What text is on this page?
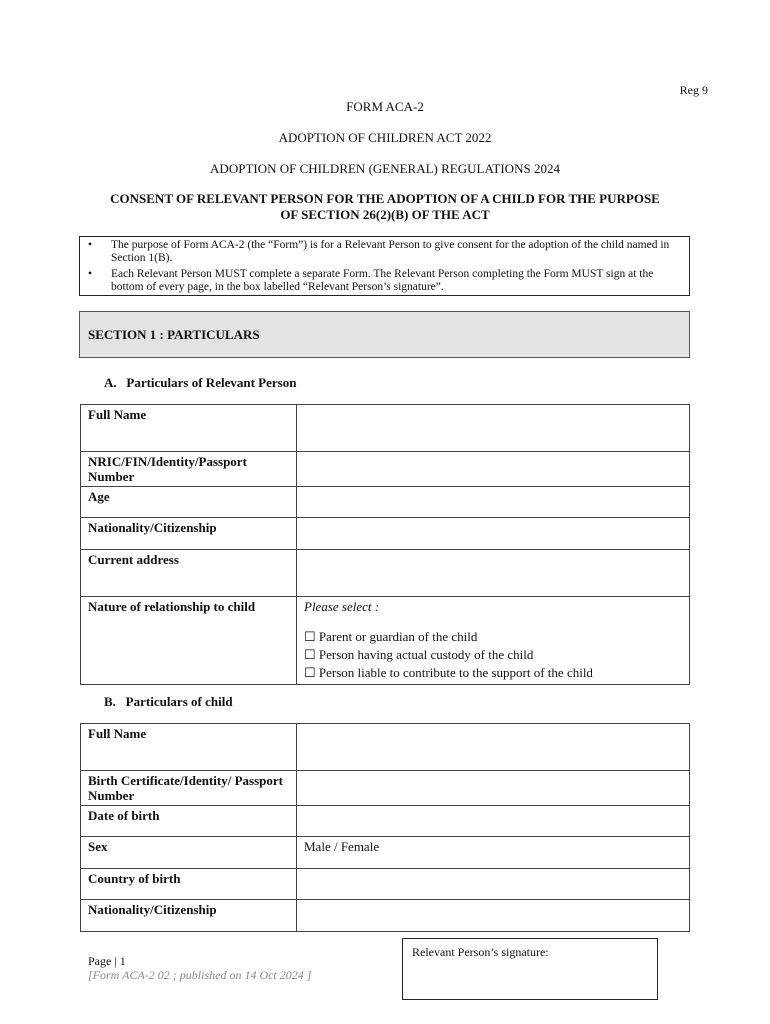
Reg 9
FORM ACA-2
ADOPTION OF CHILDREN ACT 2022
ADOPTION OF CHILDREN (GENERAL) REGULATIONS 2024
CONSENT OF RELEVANT PERSON FOR THE ADOPTION OF A CHILD FOR THE PURPOSE
OF SECTION 26(2)(B) OF THE ACT
• The purpose of Form ACA-2 (the “Form”) is for a Relevant Person to give consent for the adoption of the child named in Section 1(B).
• Each Relevant Person MUST complete a separate Form. The Relevant Person completing the Form MUST sign at the bottom of every page, in the box labelled “Relevant Person’s signature”.
SECTION 1 : PARTICULARS
A.   Particulars of Relevant Person
Full Name	
NRIC/FIN/Identity/Passport Number	
Age	
Nationality/Citizenship	
Current address	
Nature of relationship to child	Please select :
☐ Parent or guardian of the child
☐ Person having actual custody of the child
☐ Person liable to contribute to the support of the child
B.   Particulars of child
Full Name	
Birth Certificate/Identity/ Passport Number	
Date of birth	
Sex	Male / Female
Country of birth	
Nationality/Citizenship	
Page | 1
[Form ACA-2 02 ; published on 14 Oct 2024 ]
Relevant Person’s signature:
